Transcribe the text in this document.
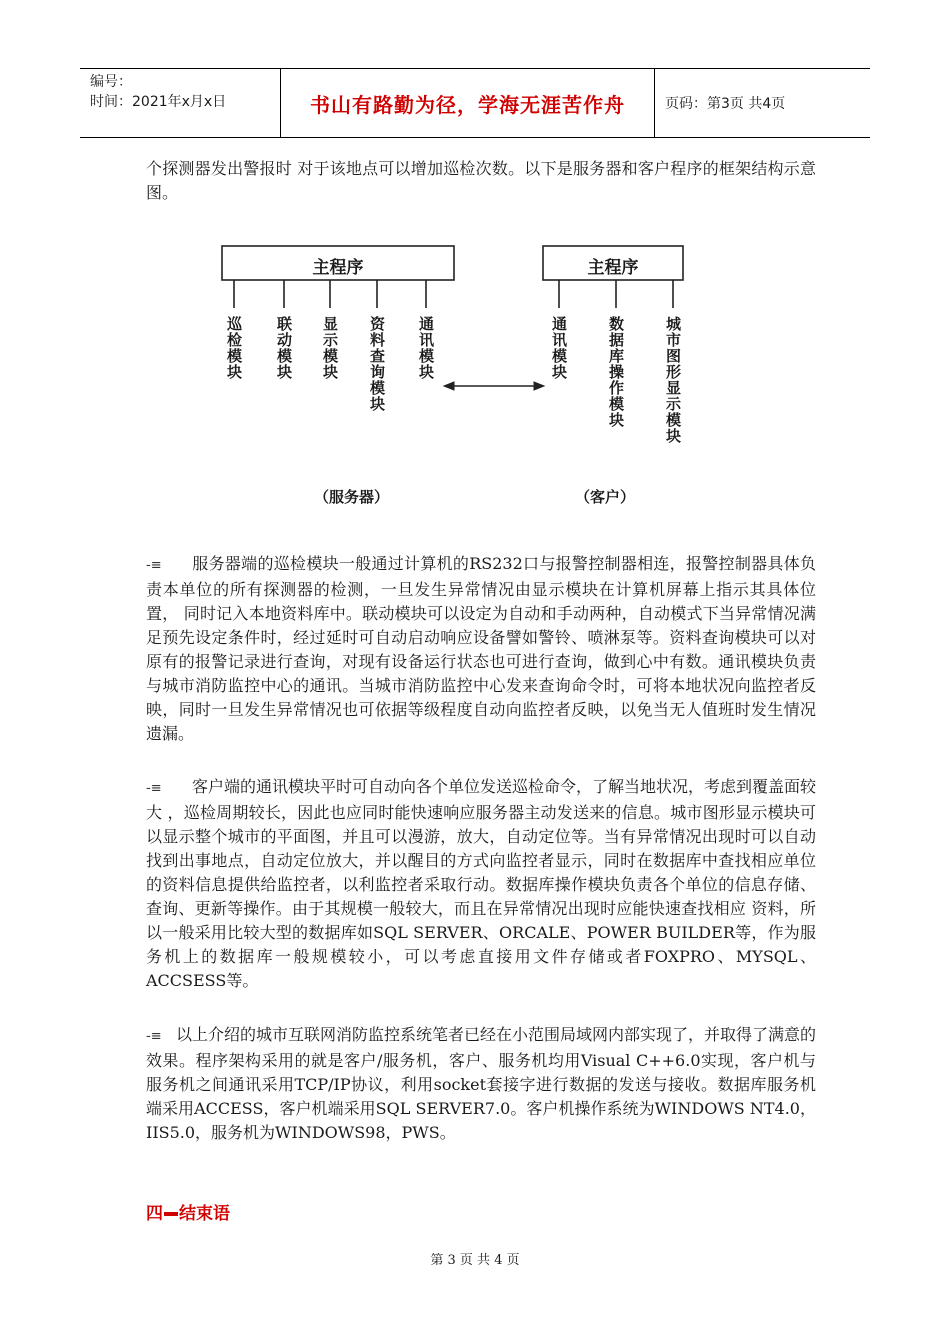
编号：
时间：2021年x月x日	书山有路勤为径，学海无涯苦作舟	页码：第3页 共4页
个探测器发出警报时 对于该地点可以增加巡检次数。以下是服务器和客户程序的框架结构示意图。
主程序	主程序
巡检模块 联动模块 显示模块 资料查询模块 通讯模块	通讯模块	数据库操作模块	城市图形显示模块
（服务器）	（客户）
-≡ 服务器端的巡检模块一般通过计算机的RS232口与报警控制器相连，报警控制器具体负责本单位的所有探测器的检测，一旦发生异常情况由显示模块在计算机屏幕上指示其具体位置， 同时记入本地资料库中。联动模块可以设定为自动和手动两种，自动模式下当异常情况满足预先设定条件时，经过延时可自动启动响应设备譬如警铃、喷淋泵等。资料查询模块可以对原有的报警记录进行查询，对现有设备运行状态也可进行查询，做到心中有数。通讯模块负责与城市消防监控中心的通讯。当城市消防监控中心发来查询命令时，可将本地状况向监控者反映，同时一旦发生异常情况也可依据等级程度自动向监控者反映，以免当无人值班时发生情况遗漏。
-≡ 客户端的通讯模块平时可自动向各个单位发送巡检命令，了解当地状况，考虑到覆盖面较大 ，巡检周期较长，因此也应同时能快速响应服务器主动发送来的信息。城市图形显示模块可以显示整个城市的平面图，并且可以漫游，放大，自动定位等。当有异常情况出现时可以自动找到出事地点，自动定位放大，并以醒目的方式向监控者显示，同时在数据库中查找相应单位的资料信息提供给监控者，以利监控者采取行动。数据库操作模块负责各个单位的信息存储、查询、更新等操作。由于其规模一般较大，而且在异常情况出现时应能快速查找相应 资料，所以一般采用比较大型的数据库如SQL SERVER、ORCALE、POWER BUILDER等，作为服务机上的数据库一般规模较小，可以考虑直接用文件存储或者FOXPRO、MYSQL、ACCSESS等。
-≡ 以上介绍的城市互联网消防监控系统笔者已经在小范围局域网内部实现了，并取得了满意的效果。程序架构采用的就是客户/服务机，客户、服务机均用Visual C++6.0实现，客户机与 服务机之间通讯采用TCP/IP协议，利用socket套接字进行数据的发送与接收。数据库服务机 端采用ACCESS，客户机端采用SQL SERVER7.0。客户机操作系统为WINDOWS NT4.0，IIS5.0，服务机为WINDOWS98，PWS。
四 结束语
第 3 页 共 4 页
